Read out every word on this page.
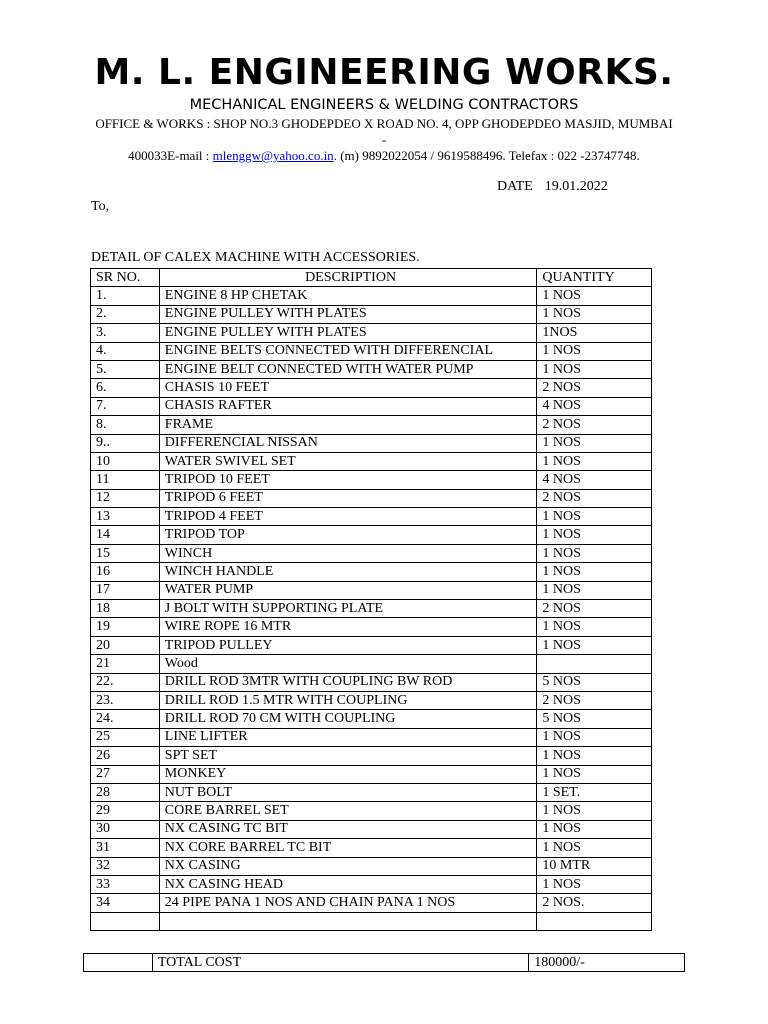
M. L. ENGINEERING WORKS.
MECHANICAL ENGINEERS & WELDING CONTRACTORS
OFFICE & WORKS : SHOP NO.3 GHODEPDEO X ROAD NO. 4, OPP GHODEPDEO MASJID, MUMBAI -
400033E-mail : mlenggw@yahoo.co.in. (m) 9892022054 / 9619588496. Telefax : 022 -23747748.
DATE 19.01.2022
To,
DETAIL OF CALEX MACHINE WITH ACCESSORIES.
SR NO.	DESCRIPTION	QUANTITY
1.	ENGINE 8 HP CHETAK	1 NOS
2.	ENGINE PULLEY WITH PLATES	1 NOS
3.	ENGINE PULLEY WITH PLATES	1NOS
4.	ENGINE BELTS CONNECTED WITH DIFFERENCIAL	1 NOS
5.	ENGINE BELT CONNECTED WITH WATER PUMP	1 NOS
6.	CHASIS 10 FEET	2 NOS
7.	CHASIS RAFTER	4 NOS
8.	FRAME	2 NOS
9..	DIFFERENCIAL NISSAN	1 NOS
10	WATER SWIVEL SET	1 NOS
11	TRIPOD 10 FEET	4 NOS
12	TRIPOD 6 FEET	2 NOS
13	TRIPOD 4 FEET	1 NOS
14	TRIPOD TOP	1 NOS
15	WINCH	1 NOS
16	WINCH HANDLE	1 NOS
17	WATER PUMP	1 NOS
18	J BOLT WITH SUPPORTING PLATE	2 NOS
19	WIRE ROPE 16 MTR	1 NOS
20	TRIPOD PULLEY	1 NOS
21	Wood	
22.	DRILL ROD 3MTR WITH COUPLING BW ROD	5 NOS
23.	DRILL ROD 1.5 MTR WITH COUPLING	2 NOS
24.	DRILL ROD 70 CM WITH COUPLING	5 NOS
25	LINE LIFTER	1 NOS
26	SPT SET	1 NOS
27	MONKEY	1 NOS
28	NUT BOLT	1 SET.
29	CORE BARREL SET	1 NOS
30	NX CASING TC BIT	1 NOS
31	NX CORE BARREL TC BIT	1 NOS
32	NX CASING	10 MTR
33	NX CASING HEAD	1 NOS
34	24 PIPE PANA 1 NOS AND CHAIN PANA 1 NOS	2 NOS.

	TOTAL COST	180000/-
